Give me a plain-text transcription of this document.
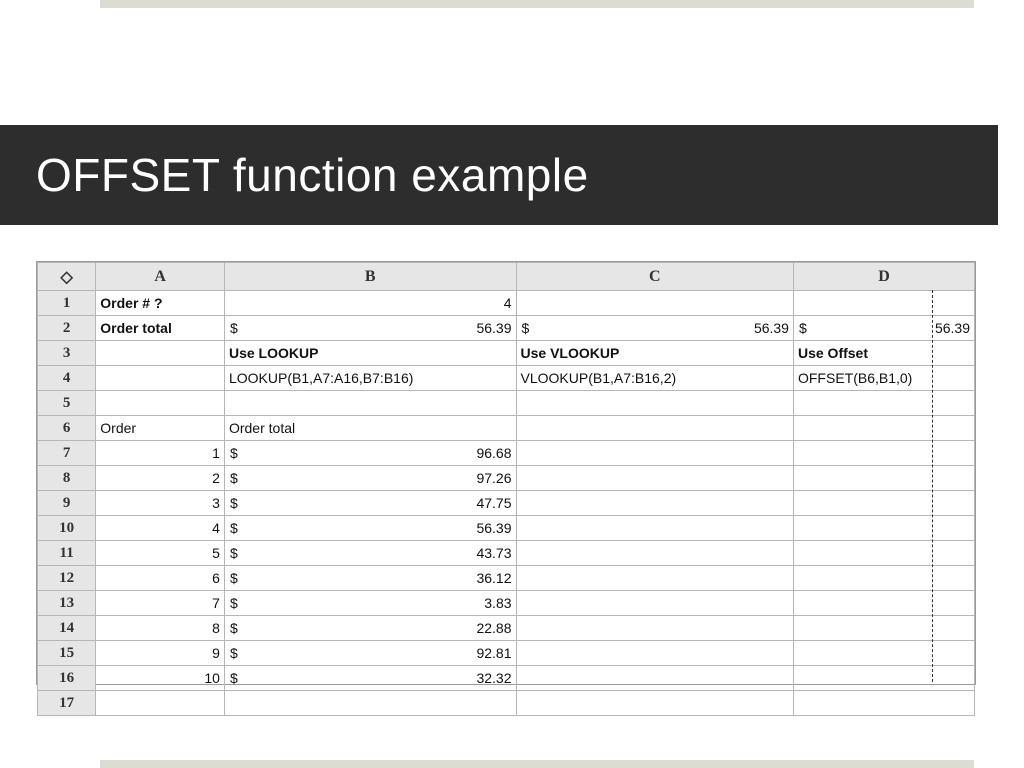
OFFSET function example
◇	A	B	C	D
1	Order # ?	4		
2	Order total	$ 56.39	$ 56.39	$ 56.39
3		Use LOOKUP	Use VLOOKUP	Use Offset
4		LOOKUP(B1,A7:A16,B7:B16)	VLOOKUP(B1,A7:B16,2)	OFFSET(B6,B1,0)
5				
6	Order	Order total		
7	1	$ 96.68		
8	2	$ 97.26		
9	3	$ 47.75		
10	4	$ 56.39		
11	5	$ 43.73		
12	6	$ 36.12		
13	7	$ 3.83		
14	8	$ 22.88		
15	9	$ 92.81		
16	10	$ 32.32		
17				
